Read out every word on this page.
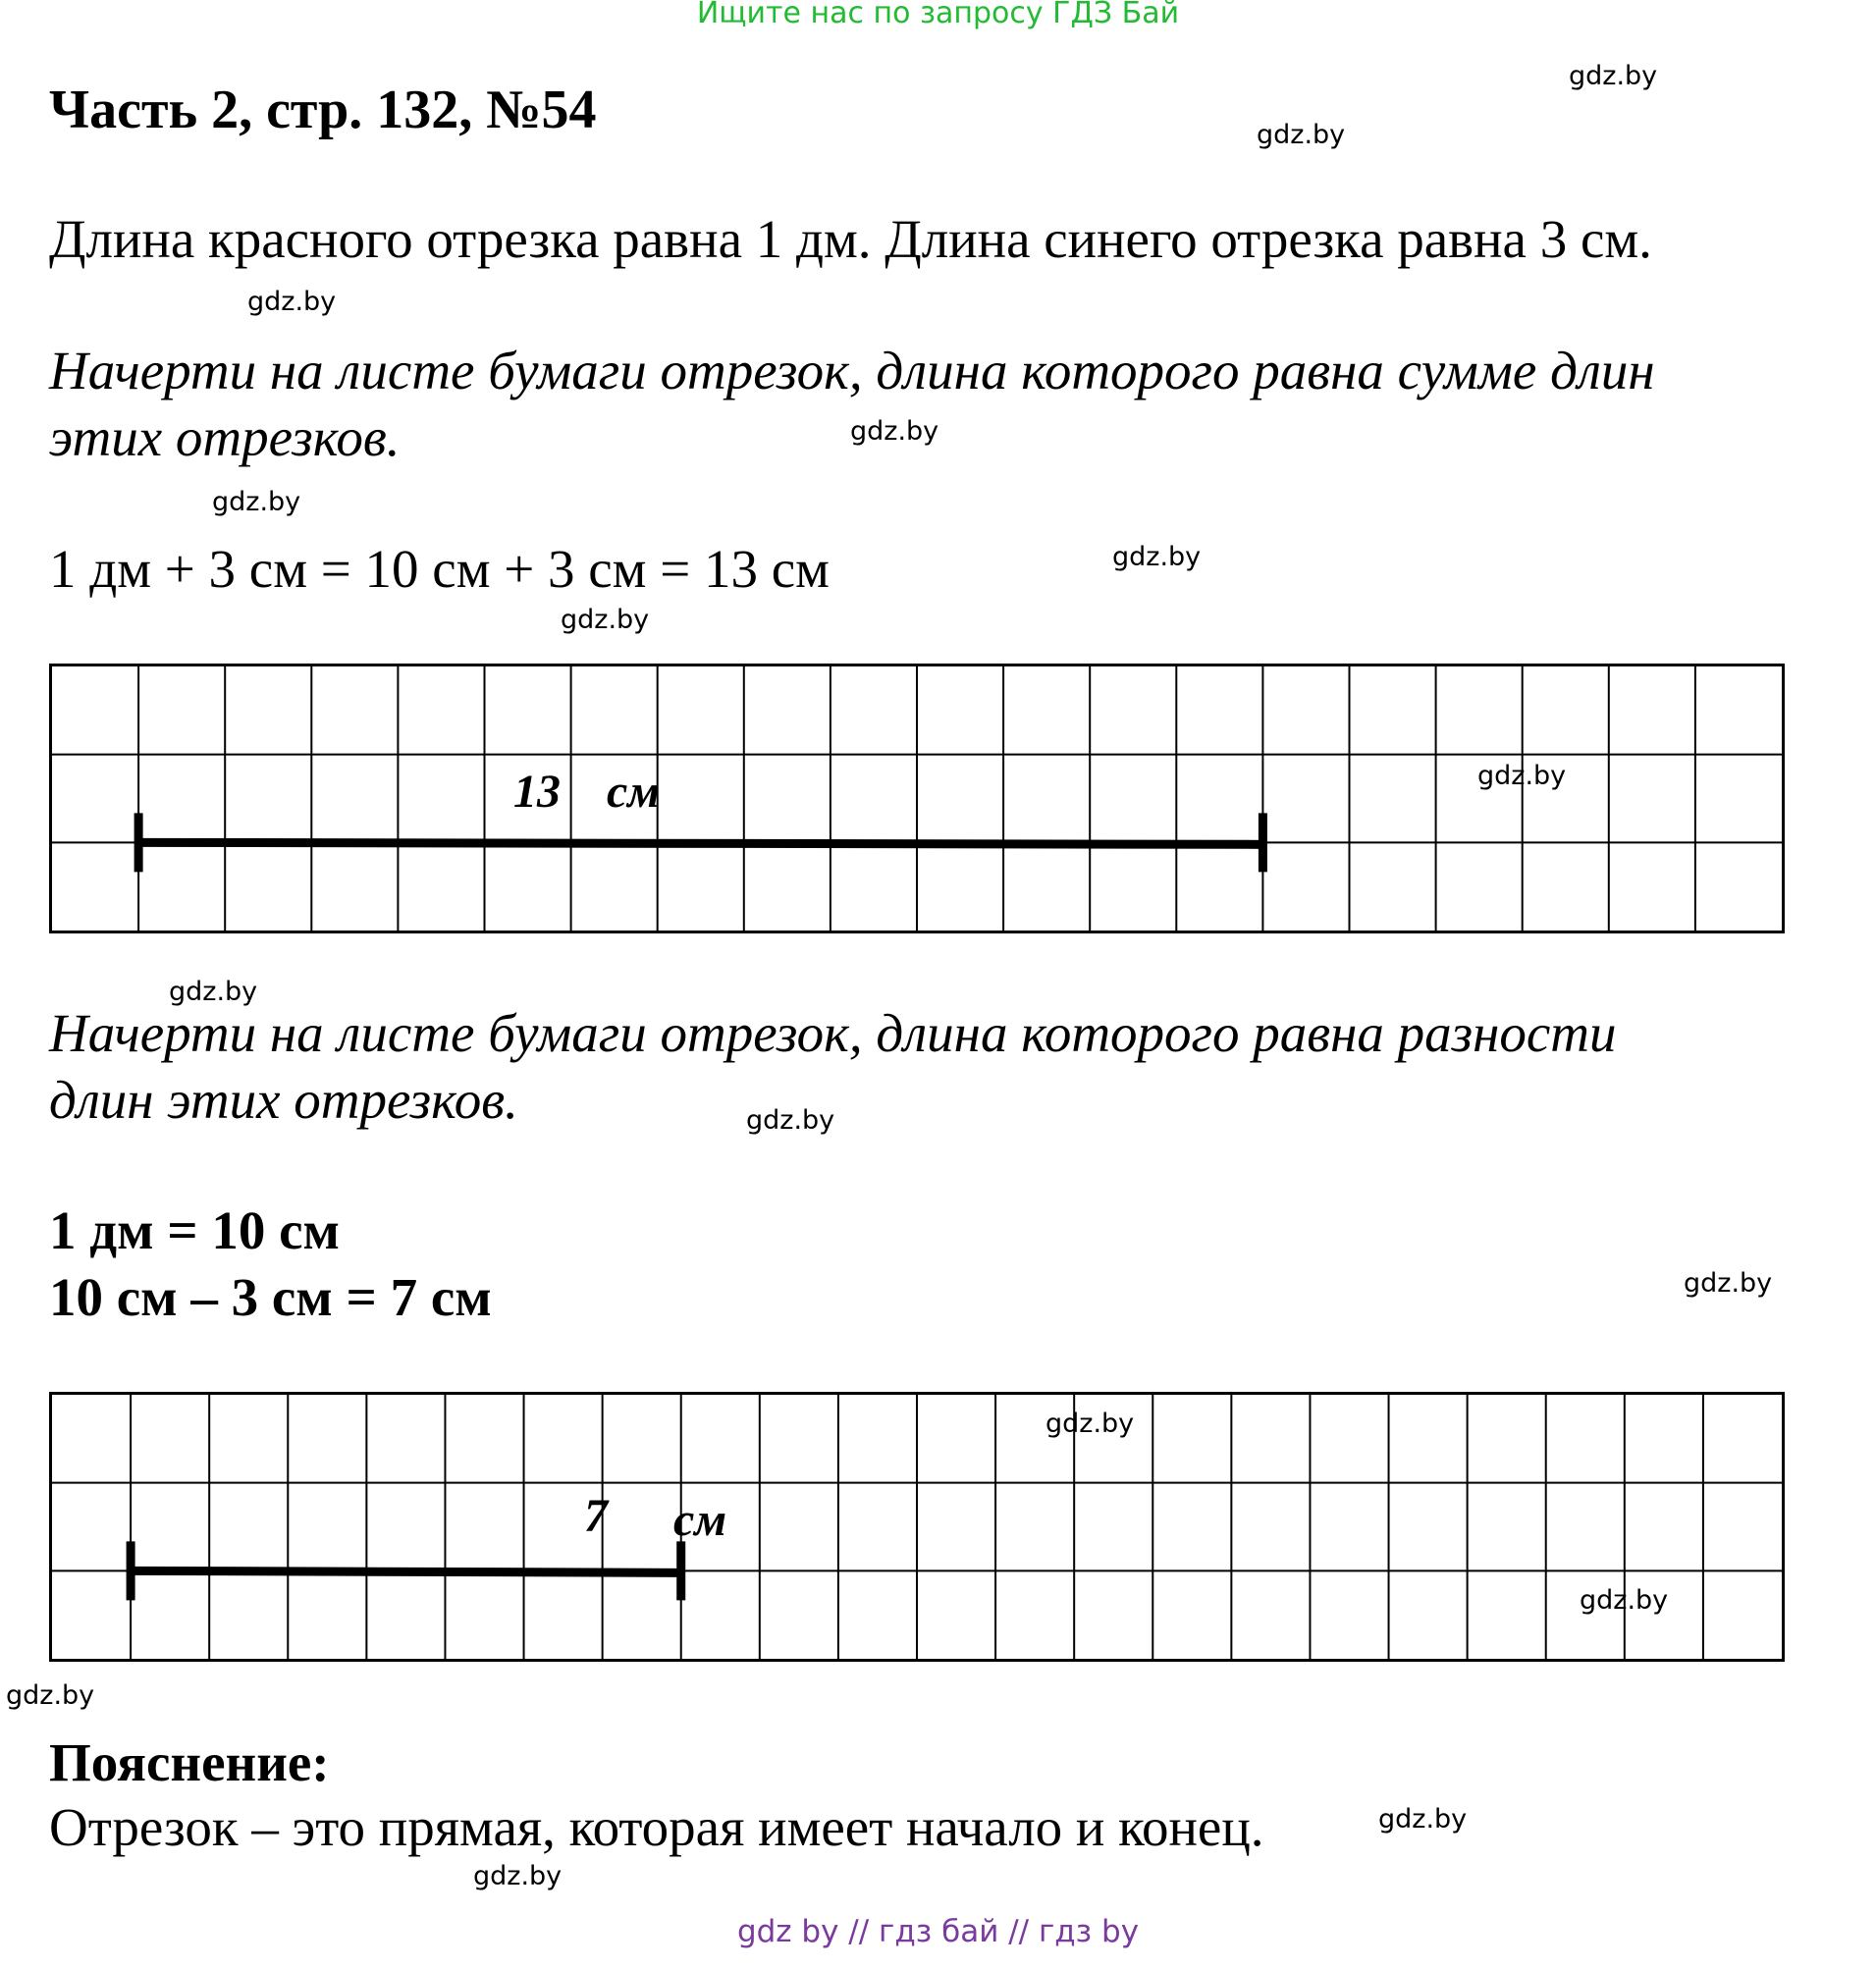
Ищите нас по запросу ГДЗ Бай
gdz.by
gdz.by
Часть 2, стр. 132, №54
Длина красного отрезка равна 1 дм. Длина синего отрезка равна 3 см.
gdz.by
Начерти на листе бумаги отрезок, длина которого равна сумме длин
этих отрезков.	gdz.by
gdz.by
1 дм + 3 см = 10 см + 3 см = 13 см	gdz.by
gdz.by
13 см	gdz.by
gdz.by
Начерти на листе бумаги отрезок, длина которого равна разности
длин этих отрезков.	gdz.by
1 дм = 10 см
10 см – 3 см = 7 см	gdz.by
7 см
gdz.by
gdz.by
gdz.by
Пояснение:
Отрезок – это прямая, которая имеет начало и конец.	gdz.by
gdz.by
gdz by // гдз бай // гдз by
